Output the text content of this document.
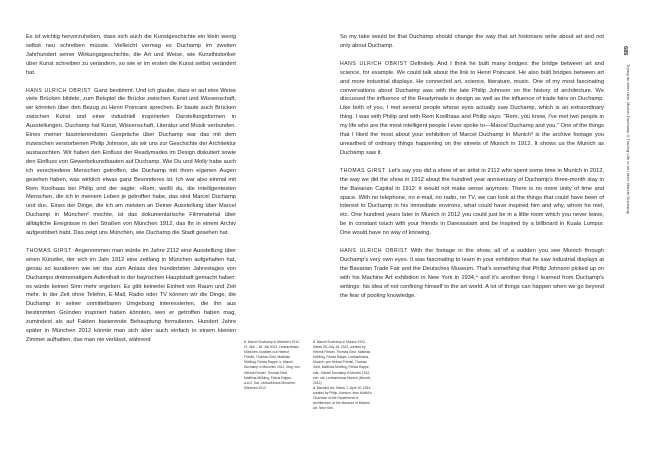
Es ist wichtig hervorzuheben, dass sich auch die Kunstgeschichte ein klein wenig selbst neu schreiben müsste. Vielleicht vermag es Duchamp im zweiten Jahrhundert seiner Wirkungsgeschichte, die Art und Weise, wie Kunsthistoriker über Kunst schreiben zu verändern, so wie er im ersten die Kunst selbst verändert hat.

HANS ULRICH OBRIST Ganz bestimmt. Und ich glaube, dass er auf eine Weise viele Brücken bildete, zum Beispiel die Brücke zwischen Kunst und Wissenschaft, wir könnten über den Bezug zu Henri Poincaré sprechen. Er baute auch Brücken zwischen Kunst und einer industriell inspirierten Darstellungsformen in Ausstellungen. Duchamp hat Kunst, Wissenschaft, Literatur und Musik verbunden. Eines meiner faszinierendsten Gespräche über Duchamp war das mit dem inzwischen verstorbenen Philip Johnson, als wir uns zur Geschichte der Architektur austauschten. Wir haben den Einfluss der Readymades im Design diskutiert sowie den Einfluss von Gewerbekunstbauten auf Duchamp. Wie Du und Molly habe auch ich verschiedene Menschen getroffen, die Duchamp mit ihren eigenen Augen gesehen haben, was wirklich etwas ganz Besonderes ist. Ich war also einmal mit Rem Koolhaas bei Philip und der sagte: »Rem, weißt du, die intelligentesten Menschen, die ich in meinem Leben je getroffen habe, das sind Marcel Duchamp und du«. Eines der Dinge, die ich am meisten an Deiner Ausstellung über Marcel Duchamp in München² mochte, ist das dokumentarische Filmmaterial über alltägliche Ereignisse in den Straßen von München 1912, das Ihr in einem Archiv aufgestöbert habt. Das zeigt uns München, wie Duchamp die Stadt gesehen hat.

THOMAS GIRST Angenommen man würde im Jahre 2112 eine Ausstellung über einen Künstler, der sich im Jahr 1912 eine zeitlang in München aufgehalten hat, genau so kuratieren wie wir das zum Anlass des hundertsten Jahrestages von Duchamps dreimonatigem Aufenthalt in der bayrischen Hauptstadt gemacht haben: es würde keinen Sinn mehr ergeben. Es gibt keinerlei Einheit von Raum und Zeit mehr. In der Zeit ohne Telefon, E-Mail, Radio oder TV können wir die Dinge, die Duchamp in seiner unmittelbaren Umgebung interessierten, die ihn aus bestimmten Gründen inspiriert haben könnten, wen er getroffen haben mag, zumindest als auf Fakten basierende Behauptung formulieren. Hundert Jahre später in München 2012 könnte man sich aber auch einfach in einem kleinen Zimmer aufhalten, das man nie verlässt, während	2 Marcel Duchamp in München 1912, 21. Mai – 16. Juli 2012, Lenbachhaus München, kuratiert von Helmut Friedel, Thomas Girst, Matthias Mühling, Felicia Rappe, s. Marcel Duchamp in München 1912, hrsg. von Helmut Friedel, Thomas Girst, Matthias Mühling, Felicia Rappe, a.a.O. Kat. Lenbachhaus München, München 2012
3 Marcel Duchamp in Munich 1912, March 30–July 15, 2012, curated by Helmut Friedel, Thomas Girst, Matthias Mühling, Felicia Rappe, Lenbachhaus, Munich; see Helmut Friedel, Thomas Girst, Matthias Mühling, Felicia Rappe, eds., Marcel Duchamp in Munich 1912, exh. cat. Lenbachhaus Munich (Munich, 2012).
4 Machine Art, March 7–April 16, 1934, curated by Philip Johnson, then MoMA's Chairman of the Department of Architecture, at the Museum of Modern Art, New York.

So my take would be that Duchamp should change the way that art historians write about art and not only about Duchamp.

HANS ULRICH OBRIST Definitely. And I think he built many bridges: the bridge between art and science, for example. We could talk about the link to Henri Poincaré. He also built bridges between art and more industrial displays. He connected art, science, literature, music. One of my most fascinating conversations about Duchamp was with the late Philip Johnson on the history of architecture. We discussed the influence of the Readymade in design as well as the influence of trade fairs on Duchamp. Like both of you, I met several people whose eyes actually saw Duchamp, which is an extraordinary thing. I was with Philip and with Rem Koolhaas and Philip says: "Rem, you know, I've met two people in my life who are the most intelligent people I ever spoke to—Marcel Duchamp and you." One of the things that I liked the most about your exhibition of Marcel Duchamp in Munich³ is the archive footage you unearthed of ordinary things happening on the streets of Munich in 1912. It shows us the Munich as Duchamp saw it.

THOMAS GIRST Let's say you did a show of an artist in 2112 who spent some time in Munich in 2012, the way we did the show in 1912 about the hundred year anniversary of Duchamp's three-month stay in the Bavarian Capital in 1912: it would not make sense anymore. There is no more unity of time and space. With no telephone, no e-mail, no radio, no TV, we can look at the things that could have been of interest to Duchamp in his immediate environs, what could have inspired him and why, whom he met, etc. One hundred years later in Munich in 2012 you could just be in a little room which you never leave, be in constant touch with your friends in Daressalam and be inspired by a billboard in Kuala Lumpur. One would have no way of knowing.

HANS ULRICH OBRIST With the footage in the show, all of a sudden you see Munich through Duchamp's very own eyes. It was fascinating to learn in your exhibition that he saw industrial displays at the Bavarian Trade Fair and the Deutsches Museum. That's something that Philip Johnson picked up on with his Machine Art exhibition in New York in 1934,⁴ and it's another thing I learned from Duchamp's writings: his idea of not confining himself to the art world. A lot of things can happen when we go beyond the fear of pooling knowledge.

685
Trying an Alter über Marcel Duchamp // Tracing Life in ein über Marcel Duchamp
